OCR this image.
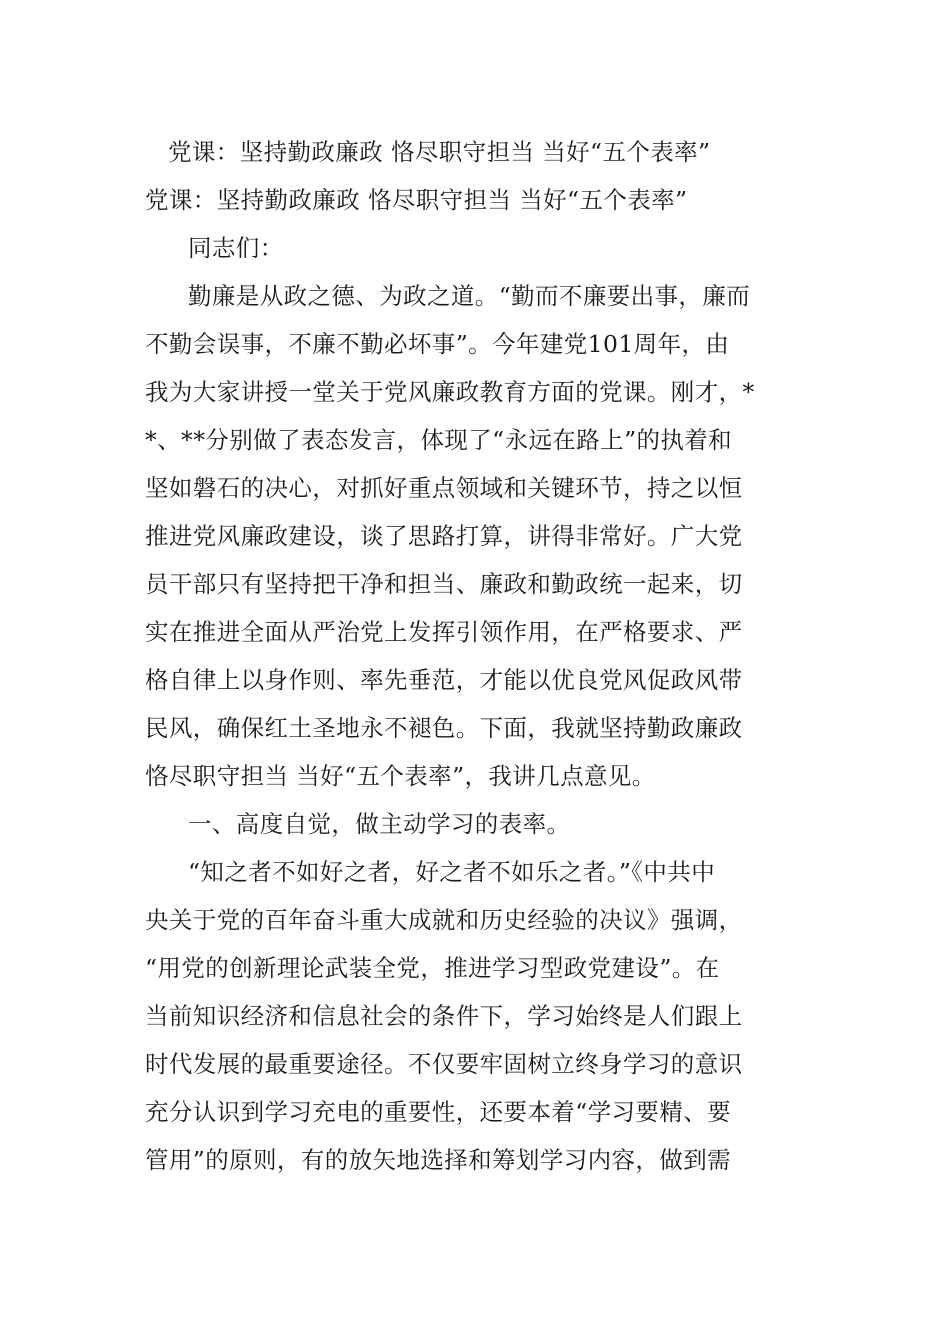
党课：坚持勤政廉政 恪尽职守担当 当好“五个表率”
党课：坚持勤政廉政 恪尽职守担当 当好“五个表率”
同志们：
勤廉是从政之德、为政之道。“勤而不廉要出事，廉而
不勤会误事，不廉不勤必坏事”。今年建党101周年，由
我为大家讲授一堂关于党风廉政教育方面的党课。刚才，*
*、**分别做了表态发言，体现了“永远在路上”的执着和
坚如磐石的决心，对抓好重点领域和关键环节，持之以恒
推进党风廉政建设，谈了思路打算，讲得非常好。广大党
员干部只有坚持把干净和担当、廉政和勤政统一起来，切
实在推进全面从严治党上发挥引领作用，在严格要求、严
格自律上以身作则、率先垂范，才能以优良党风促政风带
民风，确保红土圣地永不褪色。下面，我就坚持勤政廉政
恪尽职守担当 当好“五个表率”，我讲几点意见。
一、高度自觉，做主动学习的表率。
“知之者不如好之者，好之者不如乐之者。”《中共中
央关于党的百年奋斗重大成就和历史经验的决议》强调，
“用党的创新理论武装全党，推进学习型政党建设”。在
当前知识经济和信息社会的条件下，学习始终是人们跟上
时代发展的最重要途径。不仅要牢固树立终身学习的意识
充分认识到学习充电的重要性，还要本着“学习要精、要
管用”的原则，有的放矢地选择和筹划学习内容，做到需
